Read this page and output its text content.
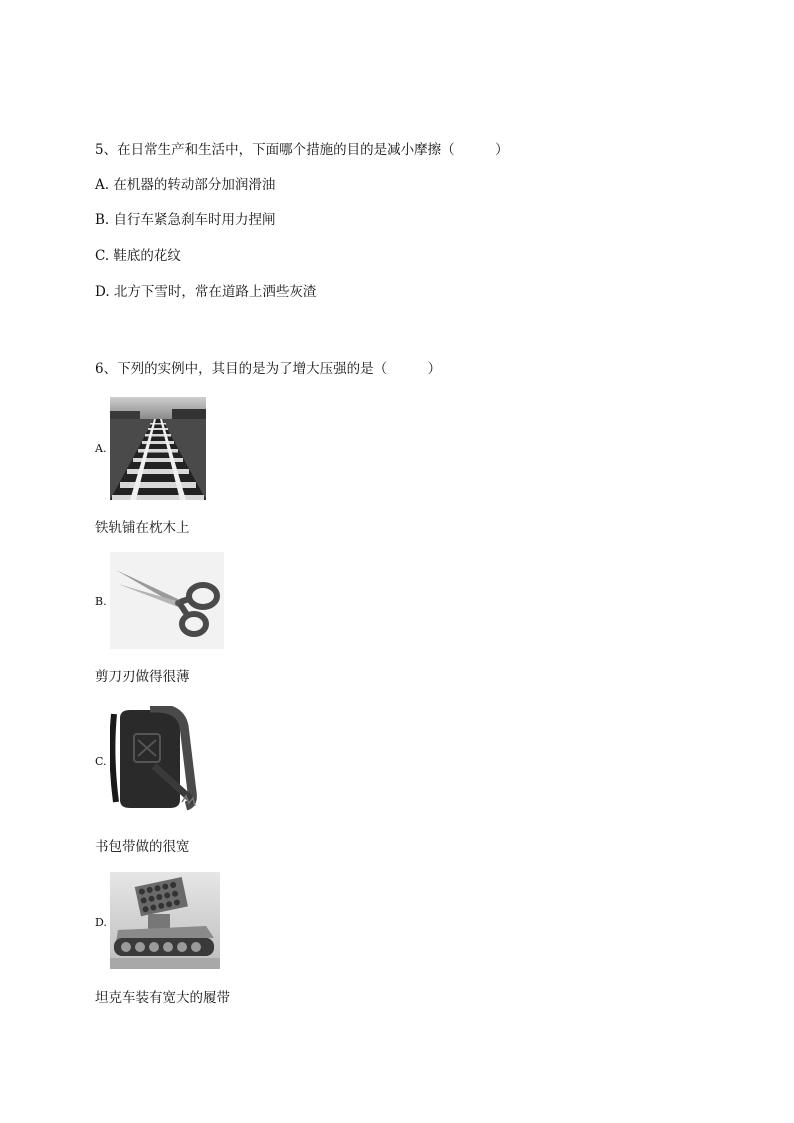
5、在日常生产和生活中，下面哪个措施的目的是减小摩擦（　　　）
A. 在机器的转动部分加润滑油
B. 自行车紧急刹车时用力捏闸
C. 鞋底的花纹
D. 北方下雪时，常在道路上洒些灰渣
6、下列的实例中，其目的是为了增大压强的是（　　　）
A.
铁轨铺在枕木上
B.
剪刀刃做得很薄
C.
书包带做的很宽
D.
坦克车装有宽大的履带
